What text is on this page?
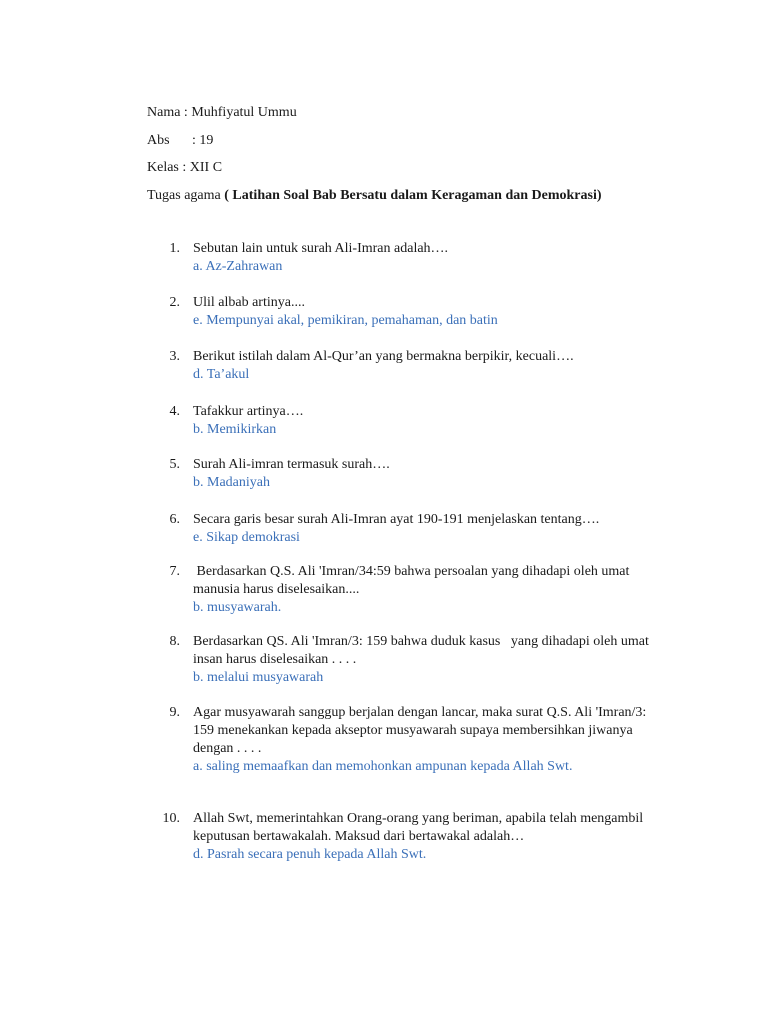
Nama : Muhfiyatul Ummu
Abs : 19
Kelas : XII C
Tugas agama ( Latihan Soal Bab Bersatu dalam Keragaman dan Demokrasi)
1. Sebutan lain untuk surah Ali-Imran adalah….
a. Az-Zahrawan
2. Ulil albab artinya....
e. Mempunyai akal, pemikiran, pemahaman, dan batin
3. Berikut istilah dalam Al-Qur’an yang bermakna berpikir, kecuali….
d. Ta’akul
4. Tafakkur artinya….
b. Memikirkan
5. Surah Ali-imran termasuk surah….
b. Madaniyah
6. Secara garis besar surah Ali-Imran ayat 190-191 menjelaskan tentang….
e. Sikap demokrasi
7. Berdasarkan Q.S. Ali 'Imran/34:59 bahwa persoalan yang dihadapi oleh umat
manusia harus diselesaikan....
b. musyawarah.
8. Berdasarkan QS. Ali 'Imran/3: 159 bahwa duduk kasus   yang dihadapi oleh umat
insan harus diselesaikan . . . .
b. melalui musyawarah
9. Agar musyawarah sanggup berjalan dengan lancar, maka surat Q.S. Ali 'Imran/3:
159 menekankan kepada akseptor musyawarah supaya membersihkan jiwanya
dengan . . . .
a. saling memaafkan dan memohonkan ampunan kepada Allah Swt.
10. Allah Swt, memerintahkan Orang-orang yang beriman, apabila telah mengambil
keputusan bertawakalah. Maksud dari bertawakal adalah…
d. Pasrah secara penuh kepada Allah Swt.
